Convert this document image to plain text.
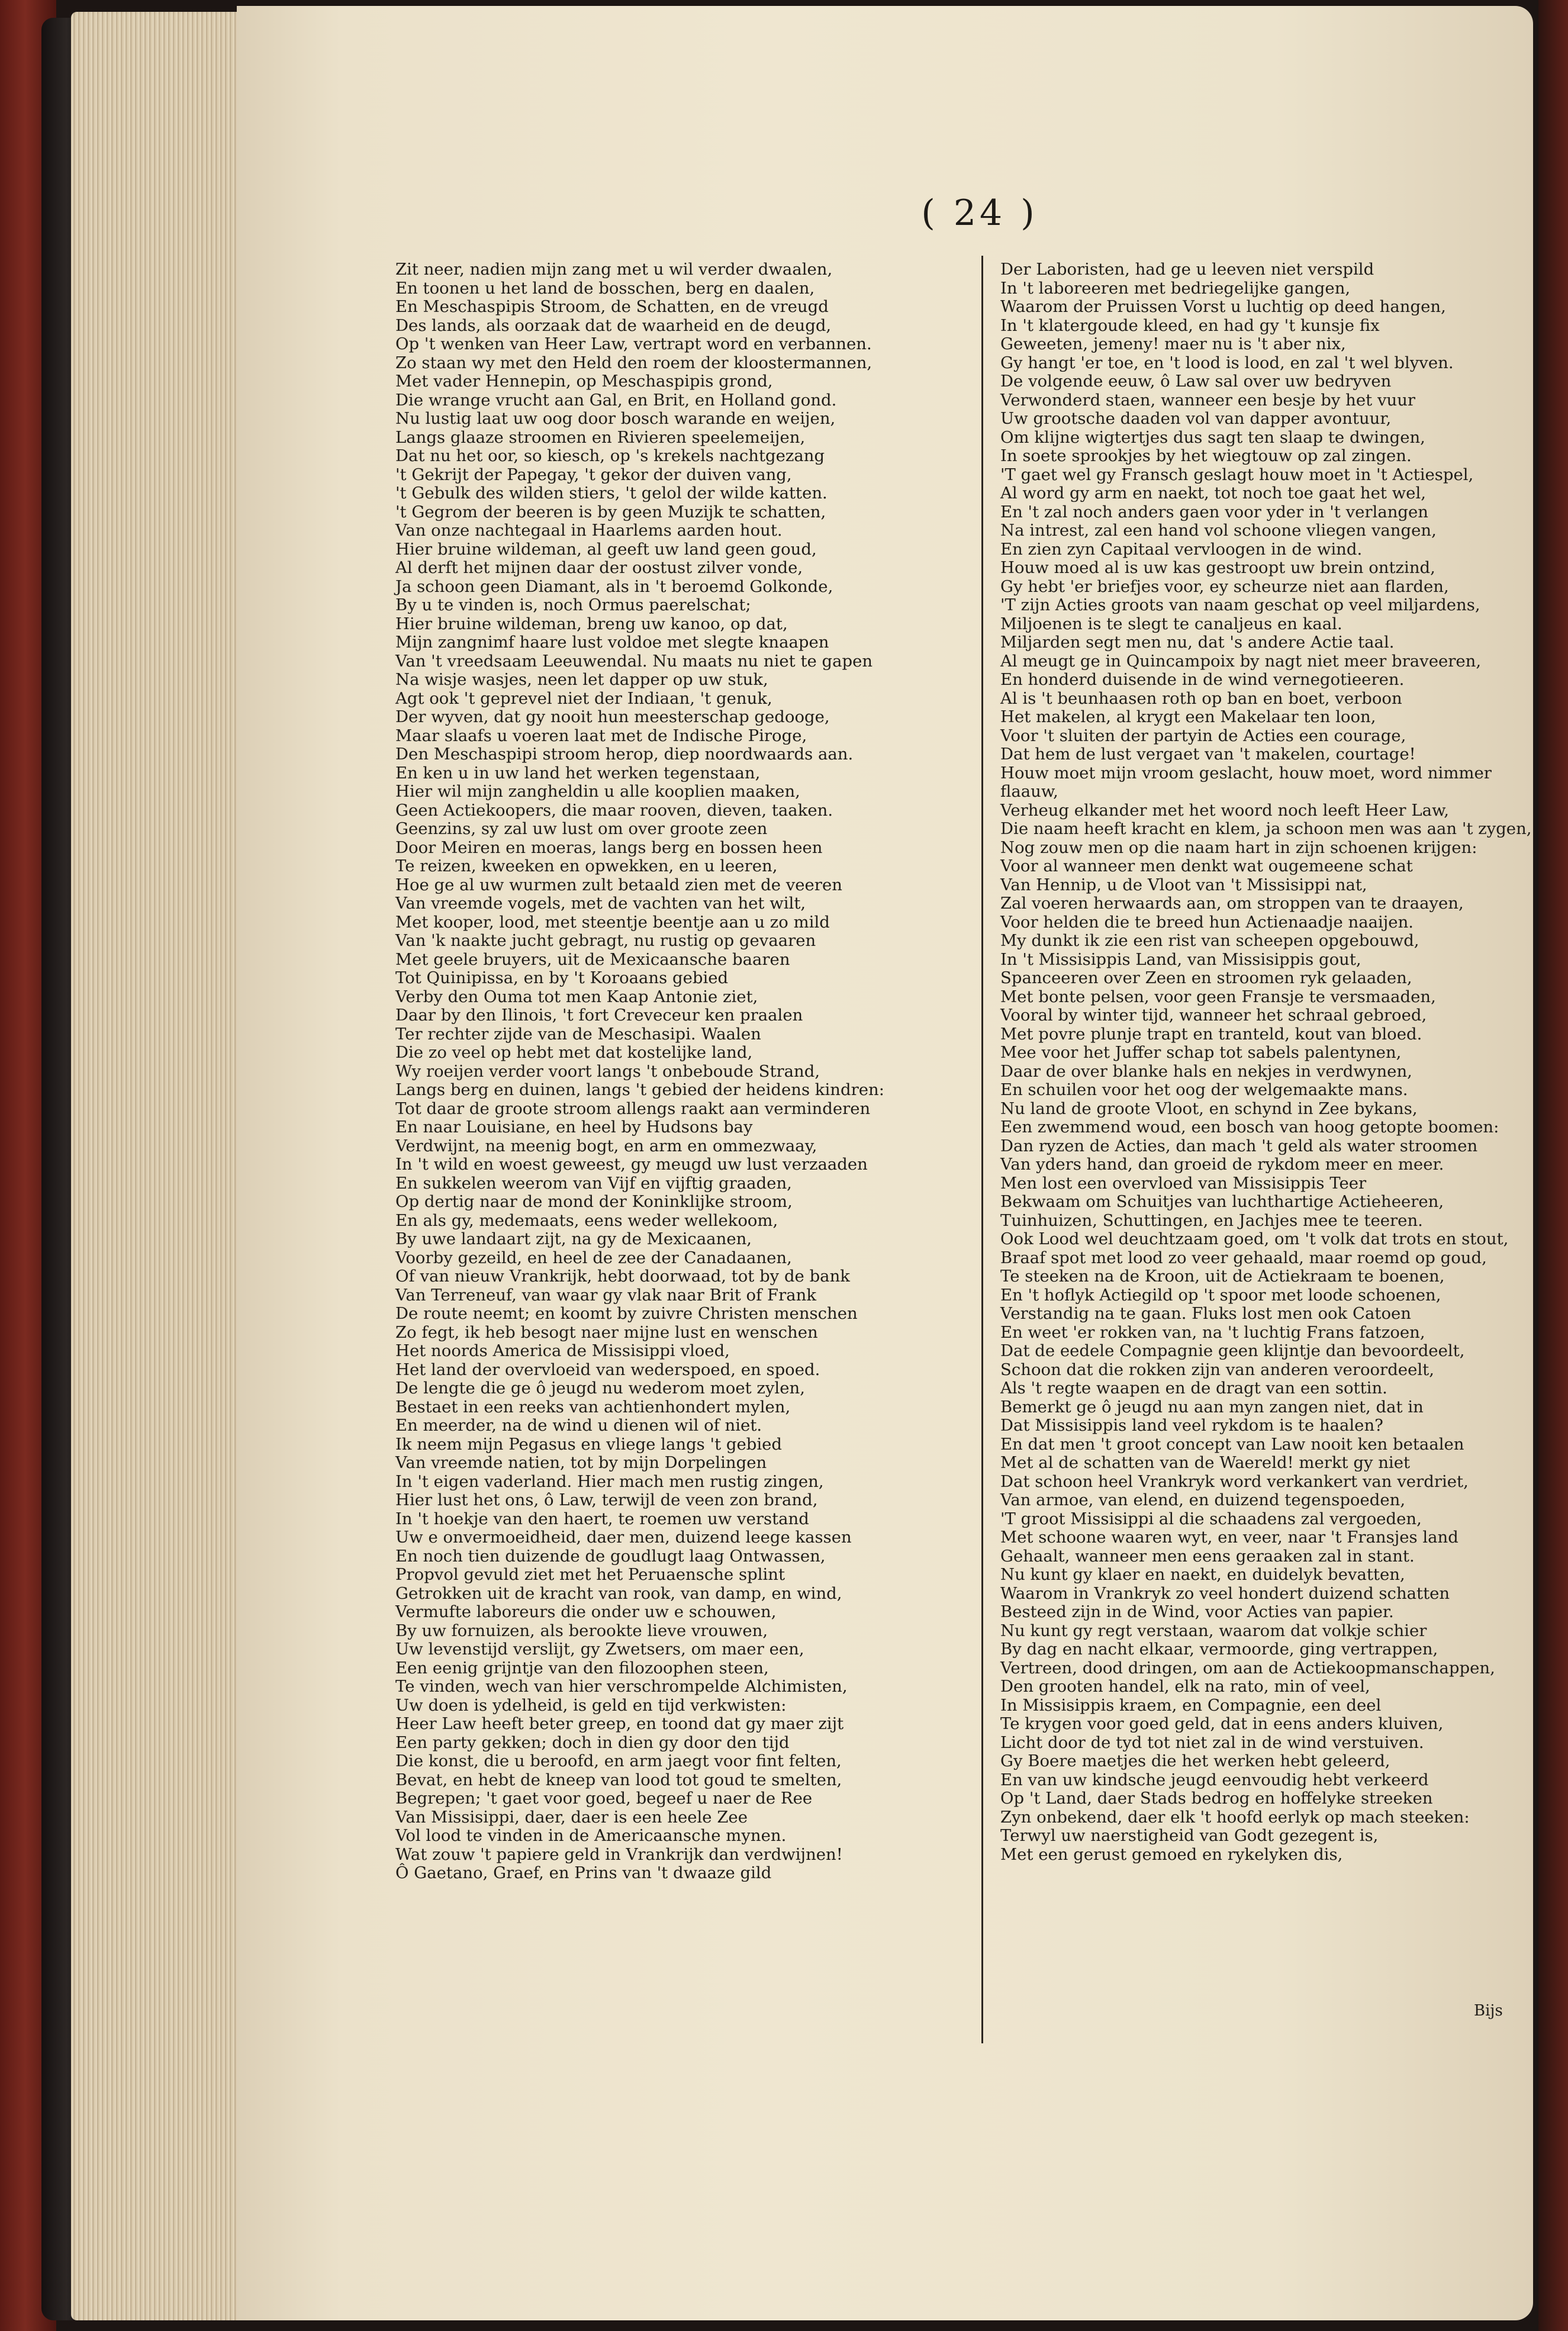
( 24 )
Zit neer, nadien mijn zang met u wil verder dwaalen,
En toonen u het land de bosschen, berg en daalen,
En Meschaspipis Stroom, de Schatten, en de vreugd
Des lands, als oorzaak dat de waarheid en de deugd,
Op 't wenken van Heer Law, vertrapt word en verbannen.
Zo staan wy met den Held den roem der kloostermannen,
Met vader Hennepin, op Meschaspipis grond,
Die wrange vrucht aan Gal, en Brit, en Holland gond.
Nu lustig laat uw oog door bosch warande en weijen,
Langs glaaze stroomen en Rivieren speelemeijen,
Dat nu het oor, so kiesch, op 's krekels nachtgezang
't Gekrijt der Papegay, 't gekor der duiven vang,
't Gebulk des wilden stiers, 't gelol der wilde katten.
't Gegrom der beeren is by geen Muzijk te schatten,
Van onze nachtegaal in Haarlems aarden hout.
Hier bruine wildeman, al geeft uw land geen goud,
Al derft het mijnen daar der oostust zilver vonde,
Ja schoon geen Diamant, als in 't beroemd Golkonde,
By u te vinden is, noch Ormus paerelschat;
Hier bruine wildeman, breng uw kanoo, op dat,
Mijn zangnimf haare lust voldoe met slegte knaapen
Van 't vreedsaam Leeuwendal. Nu maats nu niet te gapen
Na wisje wasjes, neen let dapper op uw stuk,
Agt ook 't geprevel niet der Indiaan, 't genuk,
Der wyven, dat gy nooit hun meesterschap gedooge,
Maar slaafs u voeren laat met de Indische Piroge,
Den Meschaspipi stroom herop, diep noordwaards aan.
En ken u in uw land het werken tegenstaan,
Hier wil mijn zangheldin u alle kooplien maaken,
Geen Actiekoopers, die maar rooven, dieven, taaken.
Geenzins, sy zal uw lust om over groote zeen
Door Meiren en moeras, langs berg en bossen heen
Te reizen, kweeken en opwekken, en u leeren,
Hoe ge al uw wurmen zult betaald zien met de veeren
Van vreemde vogels, met de vachten van het wilt,
Met kooper, lood, met steentje beentje aan u zo mild
Van 'k naakte jucht gebragt, nu rustig op gevaaren
Met geele bruyers, uit de Mexicaansche baaren
Tot Quinipissa, en by 't Koroaans gebied
Verby den Ouma tot men Kaap Antonie ziet,
Daar by den Ilinois, 't fort Creveceur ken praalen
Ter rechter zijde van de Meschasipi. Waalen
Die zo veel op hebt met dat kostelijke land,
Wy roeijen verder voort langs 't onbeboude Strand,
Langs berg en duinen, langs 't gebied der heidens kindren:
Tot daar de groote stroom allengs raakt aan verminderen
En naar Louisiane, en heel by Hudsons bay
Verdwijnt, na meenig bogt, en arm en ommezwaay,
In 't wild en woest geweest, gy meugd uw lust verzaaden
En sukkelen weerom van Vijf en vijftig graaden,
Op dertig naar de mond der Koninklijke stroom,
En als gy, medemaats, eens weder wellekoom,
By uwe landaart zijt, na gy de Mexicaanen,
Voorby gezeild, en heel de zee der Canadaanen,
Of van nieuw Vrankrijk, hebt doorwaad, tot by de bank
Van Terreneuf, van waar gy vlak naar Brit of Frank
De route neemt; en koomt by zuivre Christen menschen
Zo fegt, ik heb besogt naer mijne lust en wenschen
Het noords America de Missisippi vloed,
Het land der overvloeid van wederspoed, en spoed.
De lengte die ge ô jeugd nu wederom moet zylen,
Bestaet in een reeks van achtienhondert mylen,
En meerder, na de wind u dienen wil of niet.
Ik neem mijn Pegasus en vliege langs 't gebied
Van vreemde natien, tot by mijn Dorpelingen
In 't eigen vaderland. Hier mach men rustig zingen,
Hier lust het ons, ô Law, terwijl de veen zon brand,
In 't hoekje van den haert, te roemen uw verstand
Uw e onvermoeidheid, daer men, duizend leege kassen
En noch tien duizende de goudlugt laag Ontwassen,
Propvol gevuld ziet met het Peruaensche splint
Getrokken uit de kracht van rook, van damp, en wind,
Vermufte laboreurs die onder uw e schouwen,
By uw fornuizen, als berookte lieve vrouwen,
Uw levenstijd verslijt, gy Zwetsers, om maer een,
Een eenig grijntje van den filozoophen steen,
Te vinden, wech van hier verschrompelde Alchimisten,
Uw doen is ydelheid, is geld en tijd verkwisten:
Heer Law heeft beter greep, en toond dat gy maer zijt
Een party gekken; doch in dien gy door den tijd
Die konst, die u beroofd, en arm jaegt voor fint felten,
Bevat, en hebt de kneep van lood tot goud te smelten,
Begrepen; 't gaet voor goed, begeef u naer de Ree
Van Missisippi, daer, daer is een heele Zee
Vol lood te vinden in de Americaansche mynen.
Wat zouw 't papiere geld in Vrankrijk dan verdwijnen!
Ô Gaetano, Graef, en Prins van 't dwaaze gild
Der Laboristen, had ge u leeven niet verspild
In 't laboreeren met bedriegelijke gangen,
Waarom der Pruissen Vorst u luchtig op deed hangen,
In 't klatergoude kleed, en had gy 't kunsje fix
Geweeten, jemeny! maer nu is 't aber nix,
Gy hangt 'er toe, en 't lood is lood, en zal 't wel blyven.
De volgende eeuw, ô Law sal over uw bedryven
Verwonderd staen, wanneer een besje by het vuur
Uw grootsche daaden vol van dapper avontuur,
Om klijne wigtertjes dus sagt ten slaap te dwingen,
In soete sprookjes by het wiegtouw op zal zingen.
'T gaet wel gy Fransch geslagt houw moet in 't Actiespel,
Al word gy arm en naekt, tot noch toe gaat het wel,
En 't zal noch anders gaen voor yder in 't verlangen
Na intrest, zal een hand vol schoone vliegen vangen,
En zien zyn Capitaal vervloogen in de wind.
Houw moed al is uw kas gestroopt uw brein ontzind,
Gy hebt 'er briefjes voor, ey scheurze niet aan flarden,
'T zijn Acties groots van naam geschat op veel miljardens,
Miljoenen is te slegt te canaljeus en kaal.
Miljarden segt men nu, dat 's andere Actie taal.
Al meugt ge in Quincampoix by nagt niet meer braveeren,
En honderd duisende in de wind vernegotieeren.
Al is 't beunhaasen roth op ban en boet, verboon
Het makelen, al krygt een Makelaar ten loon,
Voor 't sluiten der partyin de Acties een courage,
Dat hem de lust vergaet van 't makelen, courtage!
Houw moet mijn vroom geslacht, houw moet, word nimmer
flaauw,
Verheug elkander met het woord noch leeft Heer Law,
Die naam heeft kracht en klem, ja schoon men was aan 't zygen,
Nog zouw men op die naam hart in zijn schoenen krijgen:
Voor al wanneer men denkt wat ougemeene schat
Van Hennip, u de Vloot van 't Missisippi nat,
Zal voeren herwaards aan, om stroppen van te draayen,
Voor helden die te breed hun Actienaadje naaijen.
My dunkt ik zie een rist van scheepen opgebouwd,
In 't Missisippis Land, van Missisippis gout,
Spanceeren over Zeen en stroomen ryk gelaaden,
Met bonte pelsen, voor geen Fransje te versmaaden,
Vooral by winter tijd, wanneer het schraal gebroed,
Met povre plunje trapt en tranteld, kout van bloed.
Mee voor het Juffer schap tot sabels palentynen,
Daar de over blanke hals en nekjes in verdwynen,
En schuilen voor het oog der welgemaakte mans.
Nu land de groote Vloot, en schynd in Zee bykans,
Een zwemmend woud, een bosch van hoog getopte boomen:
Dan ryzen de Acties, dan mach 't geld als water stroomen
Van yders hand, dan groeid de rykdom meer en meer.
Men lost een overvloed van Missisippis Teer
Bekwaam om Schuitjes van luchthartige Actieheeren,
Tuinhuizen, Schuttingen, en Jachjes mee te teeren.
Ook Lood wel deuchtzaam goed, om 't volk dat trots en stout,
Braaf spot met lood zo veer gehaald, maar roemd op goud,
Te steeken na de Kroon, uit de Actiekraam te boenen,
En 't hoflyk Actiegild op 't spoor met loode schoenen,
Verstandig na te gaan. Fluks lost men ook Catoen
En weet 'er rokken van, na 't luchtig Frans fatzoen,
Dat de eedele Compagnie geen klijntje dan bevoordeelt,
Schoon dat die rokken zijn van anderen veroordeelt,
Als 't regte waapen en de dragt van een sottin.
Bemerkt ge ô jeugd nu aan myn zangen niet, dat in
Dat Missisippis land veel rykdom is te haalen?
En dat men 't groot concept van Law nooit ken betaalen
Met al de schatten van de Waereld! merkt gy niet
Dat schoon heel Vrankryk word verkankert van verdriet,
Van armoe, van elend, en duizend tegenspoeden,
'T groot Missisippi al die schaadens zal vergoeden,
Met schoone waaren wyt, en veer, naar 't Fransjes land
Gehaalt, wanneer men eens geraaken zal in stant.
Nu kunt gy klaer en naekt, en duidelyk bevatten,
Waarom in Vrankryk zo veel hondert duizend schatten
Besteed zijn in de Wind, voor Acties van papier.
Nu kunt gy regt verstaan, waarom dat volkje schier
By dag en nacht elkaar, vermoorde, ging vertrappen,
Vertreen, dood dringen, om aan de Actiekoopmanschappen,
Den grooten handel, elk na rato, min of veel,
In Missisippis kraem, en Compagnie, een deel
Te krygen voor goed geld, dat in eens anders kluiven,
Licht door de tyd tot niet zal in de wind verstuiven.
Gy Boere maetjes die het werken hebt geleerd,
En van uw kindsche jeugd eenvoudig hebt verkeerd
Op 't Land, daer Stads bedrog en hoffelyke streeken
Zyn onbekend, daer elk 't hoofd eerlyk op mach steeken:
Terwyl uw naerstigheid van Godt gezegent is,
Met een gerust gemoed en rykelyken dis,
Bijs
